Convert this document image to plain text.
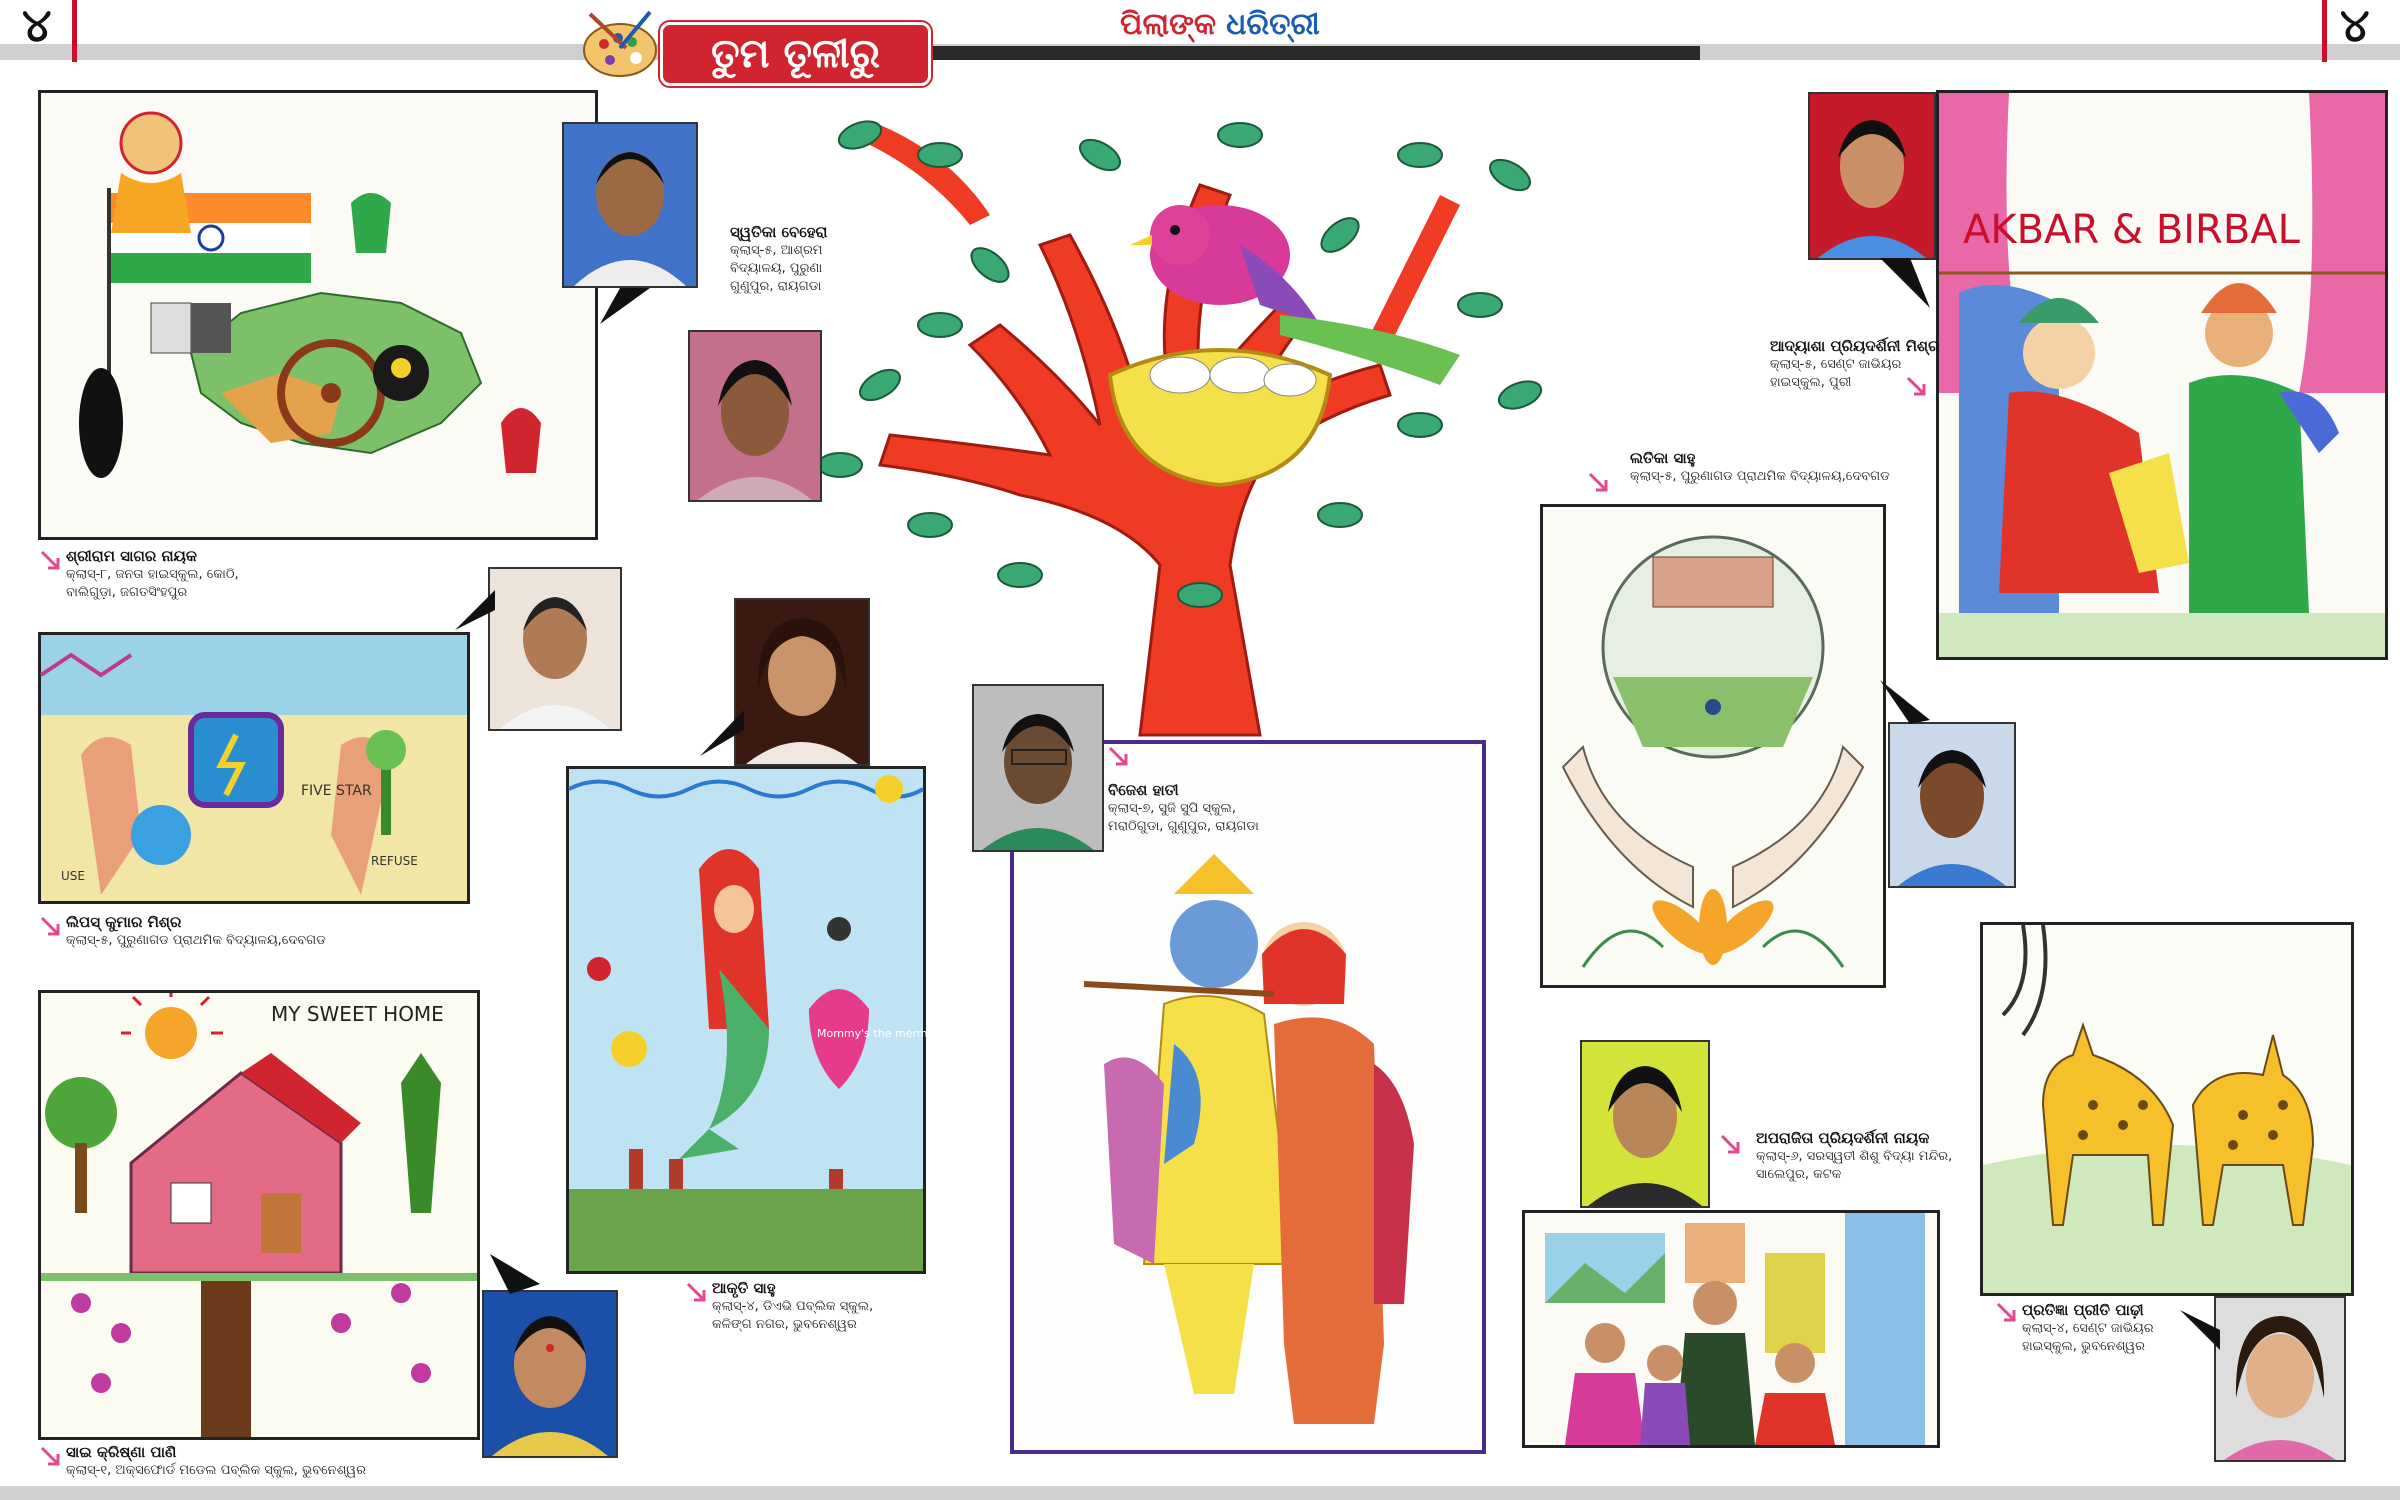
୪	୪
ତୁମ ତୂଳୀରୁ
ପିଲାଙ୍କ ଧରିତ୍ରୀ
ଶ୍ରୀରାମ ସାଗର ନାୟକ
କ୍ଲାସ୍-୮, ଜନତା ହାଇସ୍କୁଲ, କୋଠି,
ବାଲିଗୁଡ଼ା, ଜଗତସିଂହପୁର
FIVE STAR
REFUSE
USE
ଲିପସ୍ କୁମାର ମିଶ୍ର
କ୍ଲାସ୍-୫, ପୁରୁଣାଗଡ ପ୍ରାଥମିକ ବିଦ୍ୟାଳୟ,ଦେବଗଡ
MY SWEET HOME
ସାଇ କ୍ରିଷ୍ଣା ପାଣି
କ୍ଲାସ୍-୧, ଅକ୍ସଫୋର୍ଡ ମଡେଲ ପବ୍ଲିକ ସ୍କୁଲ, ଭୁବନେଶ୍ୱର
ସ୍ୱତିକା ବେହେରା
କ୍ଲାସ୍-୫, ଆଶ୍ରମ
ବିଦ୍ୟାଳୟ, ପୁରୁଣା
ଗୁଣୁପୁର, ରାୟଗଡା
Mommy's the mermaid
ଆକୃତି ସାହୁ
କ୍ଲାସ୍-୪, ଡିଏଭି ପବ୍ଲିକ ସ୍କୁଲ,
କଳିଙ୍ଗ ନଗର, ଭୁବନେଶ୍ୱର
ବିଜେଶ ହାତୀ
କ୍ଲାସ୍-୭, ସୁଜି ସୁପି ସ୍କୁଲ,
ମରାଠିଗୁଡା, ଗୁଣୁପୁର, ରାୟଗଡା
AKBAR & BIRBAL
ଆଦ୍ୟାଶା ପ୍ରିୟଦର୍ଶିନୀ ମିଶ୍ର
କ୍ଲାସ୍-୫, ସେଣ୍ଟ ଜାଭିୟର
ହାଇସ୍କୁଲ, ପୁରୀ
ଲତିକା ସାହୁ
କ୍ଲାସ୍-୫, ପୁରୁଣାଗଡ ପ୍ରାଥମିକ ବିଦ୍ୟାଳୟ,ଦେବଗଡ
ଅପରାଜିତା ପ୍ରିୟଦର୍ଶିନୀ ନାୟକ
କ୍ଲାସ୍-୬, ସରସ୍ୱତୀ ଶିଶୁ ବିଦ୍ୟା ମନ୍ଦିର,
ସାଲେପୁର, କଟକ
ପ୍ରତିଜ୍ଞା ପ୍ରୀତି ପାଢ଼ୀ
କ୍ଲାସ୍-୪, ସେଣ୍ଟ ଜାଭିୟର
ହାଇସ୍କୁଲ, ଭୁବନେଶ୍ୱର
